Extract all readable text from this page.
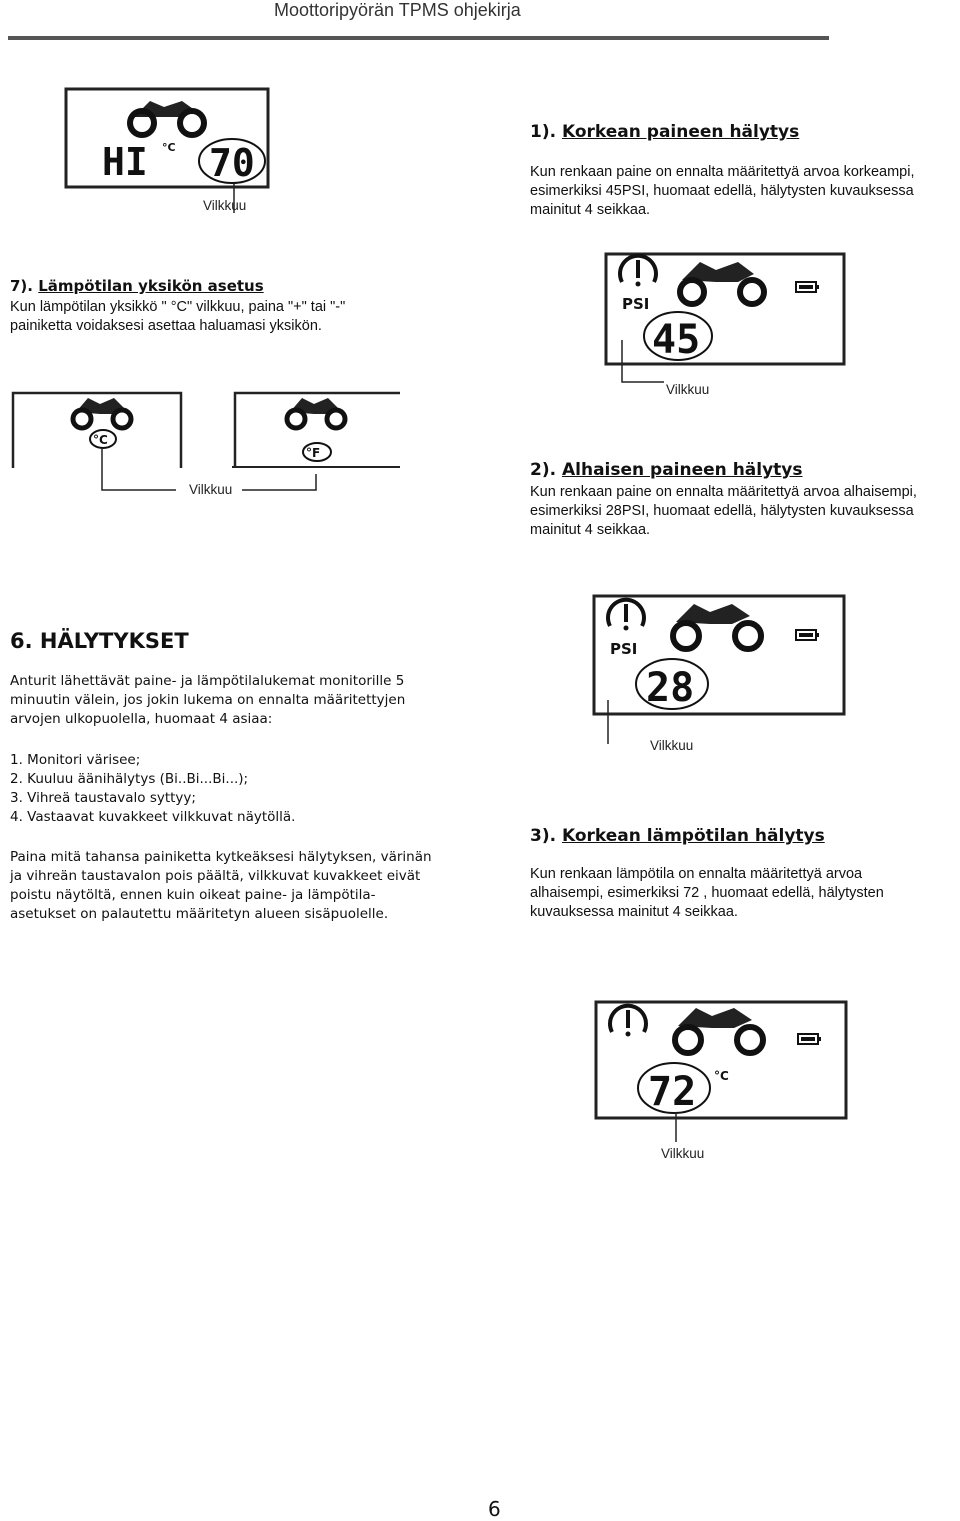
Moottoripyörän TPMS ohjekirja
HI °C 70
Vilkkuu
1). Korkean paineen hälytys
Kun renkaan paine on ennalta määritettyä arvoa korkeampi,
esimerkiksi 45PSI, huomaat edellä, hälytysten kuvauksessa
mainitut 4 seikkaa.
7). Lämpötilan yksikön asetus
Kun lämpötilan yksikkö " °C" vilkkuu, paina "+" tai "-"
painiketta voidaksesi asettaa haluamasi yksikön.
PSI
45
Vilkkuu
°C
°F
Vilkkuu
2). Alhaisen paineen hälytys
Kun renkaan paine on ennalta määritettyä arvoa alhaisempi,
esimerkiksi 28PSI, huomaat edellä, hälytysten kuvauksessa
mainitut 4 seikkaa.
PSI
28
Vilkkuu
6. HÄLYTYKSET
Anturit lähettävät paine- ja lämpötilalukemat monitorille 5
minuutin välein, jos jokin lukema on ennalta määritettyjen
arvojen ulkopuolella, huomaat 4 asiaa:
1. Monitori värisee;
2. Kuuluu äänihälytys (Bi..Bi...Bi...);
3. Vihreä taustavalo syttyy;
4. Vastaavat kuvakkeet vilkkuvat näytöllä.
Paina mitä tahansa painiketta kytkeäksesi hälytyksen, värinän
ja vihreän taustavalon pois päältä, vilkkuvat kuvakkeet eivät
poistu näytöltä, ennen kuin oikeat paine- ja lämpötila-
asetukset on palautettu määritetyn alueen sisäpuolelle.
3). Korkean lämpötilan hälytys
Kun renkaan lämpötila on ennalta määritettyä arvoa
alhaisempi, esimerkiksi 72 , huomaat edellä, hälytysten
kuvauksessa mainitut 4 seikkaa.
72 °C
Vilkkuu
6
